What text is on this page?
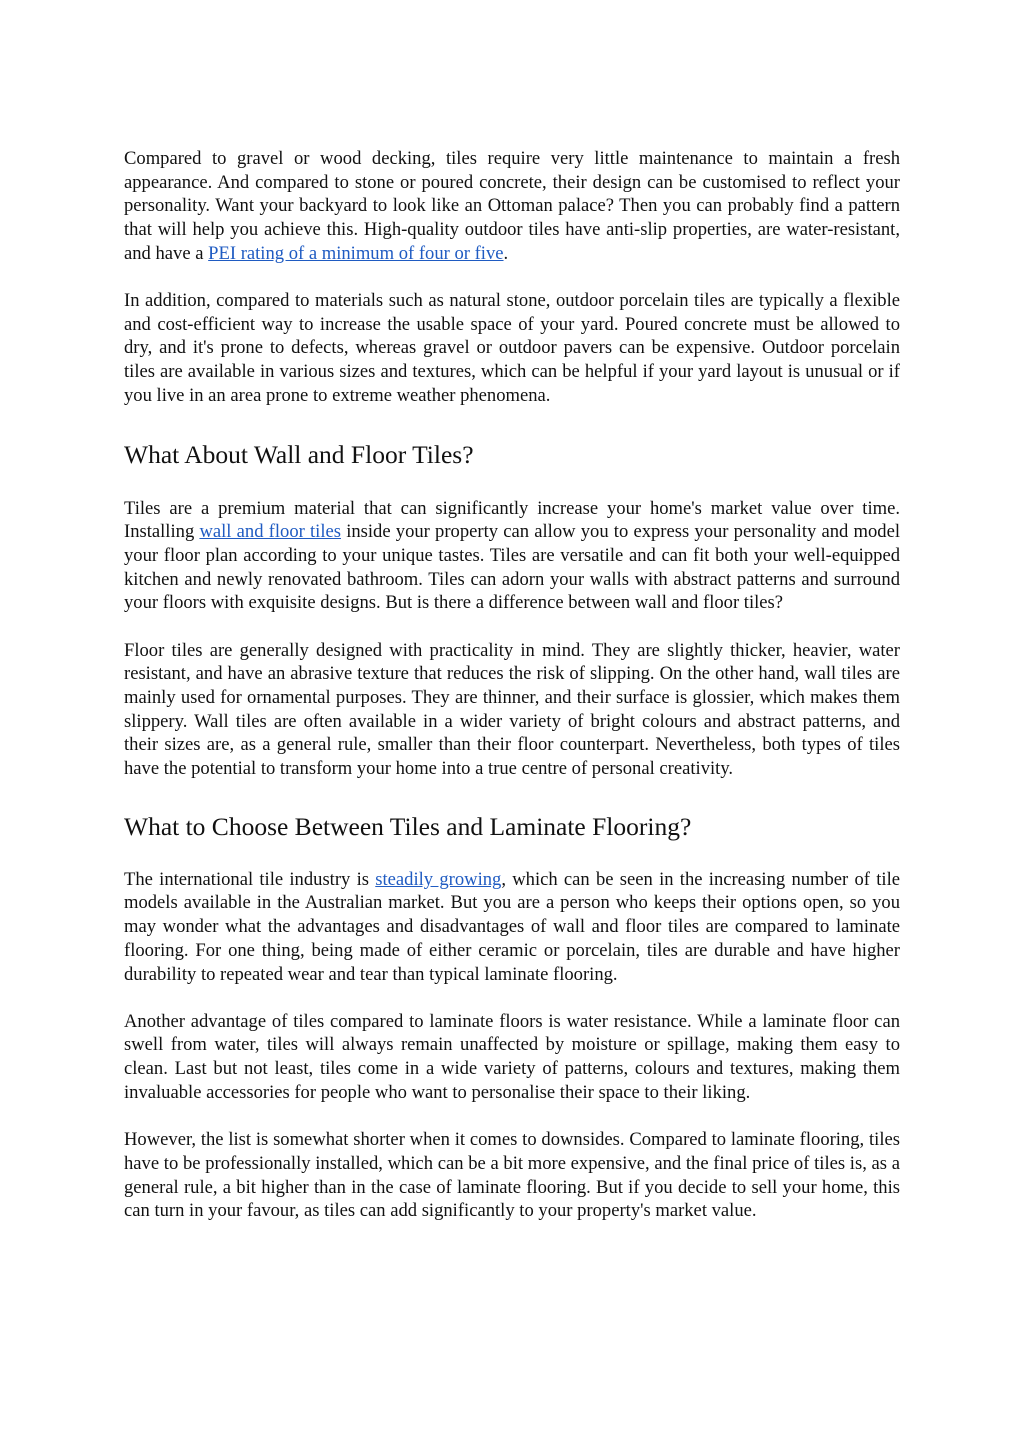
Compared to gravel or wood decking, tiles require very little maintenance to maintain a fresh appearance. And compared to stone or poured concrete, their design can be customised to reflect your personality. Want your backyard to look like an Ottoman palace? Then you can probably find a pattern that will help you achieve this. High-quality outdoor tiles have anti-slip properties, are water-resistant, and have a PEI rating of a minimum of four or five.

In addition, compared to materials such as natural stone, outdoor porcelain tiles are typically a flexible and cost-efficient way to increase the usable space of your yard. Poured concrete must be allowed to dry, and it's prone to defects, whereas gravel or outdoor pavers can be expensive. Outdoor porcelain tiles are available in various sizes and textures, which can be helpful if your yard layout is unusual or if you live in an area prone to extreme weather phenomena.

What About Wall and Floor Tiles?

Tiles are a premium material that can significantly increase your home's market value over time. Installing wall and floor tiles inside your property can allow you to express your personality and model your floor plan according to your unique tastes. Tiles are versatile and can fit both your well-equipped kitchen and newly renovated bathroom. Tiles can adorn your walls with abstract patterns and surround your floors with exquisite designs. But is there a difference between wall and floor tiles?

Floor tiles are generally designed with practicality in mind. They are slightly thicker, heavier, water resistant, and have an abrasive texture that reduces the risk of slipping. On the other hand, wall tiles are mainly used for ornamental purposes. They are thinner, and their surface is glossier, which makes them slippery. Wall tiles are often available in a wider variety of bright colours and abstract patterns, and their sizes are, as a general rule, smaller than their floor counterpart. Nevertheless, both types of tiles have the potential to transform your home into a true centre of personal creativity.

What to Choose Between Tiles and Laminate Flooring?

The international tile industry is steadily growing, which can be seen in the increasing number of tile models available in the Australian market. But you are a person who keeps their options open, so you may wonder what the advantages and disadvantages of wall and floor tiles are compared to laminate flooring. For one thing, being made of either ceramic or porcelain, tiles are durable and have higher durability to repeated wear and tear than typical laminate flooring.

Another advantage of tiles compared to laminate floors is water resistance. While a laminate floor can swell from water, tiles will always remain unaffected by moisture or spillage, making them easy to clean. Last but not least, tiles come in a wide variety of patterns, colours and textures, making them invaluable accessories for people who want to personalise their space to their liking.

However, the list is somewhat shorter when it comes to downsides. Compared to laminate flooring, tiles have to be professionally installed, which can be a bit more expensive, and the final price of tiles is, as a general rule, a bit higher than in the case of laminate flooring. But if you decide to sell your home, this can turn in your favour, as tiles can add significantly to your property's market value.
